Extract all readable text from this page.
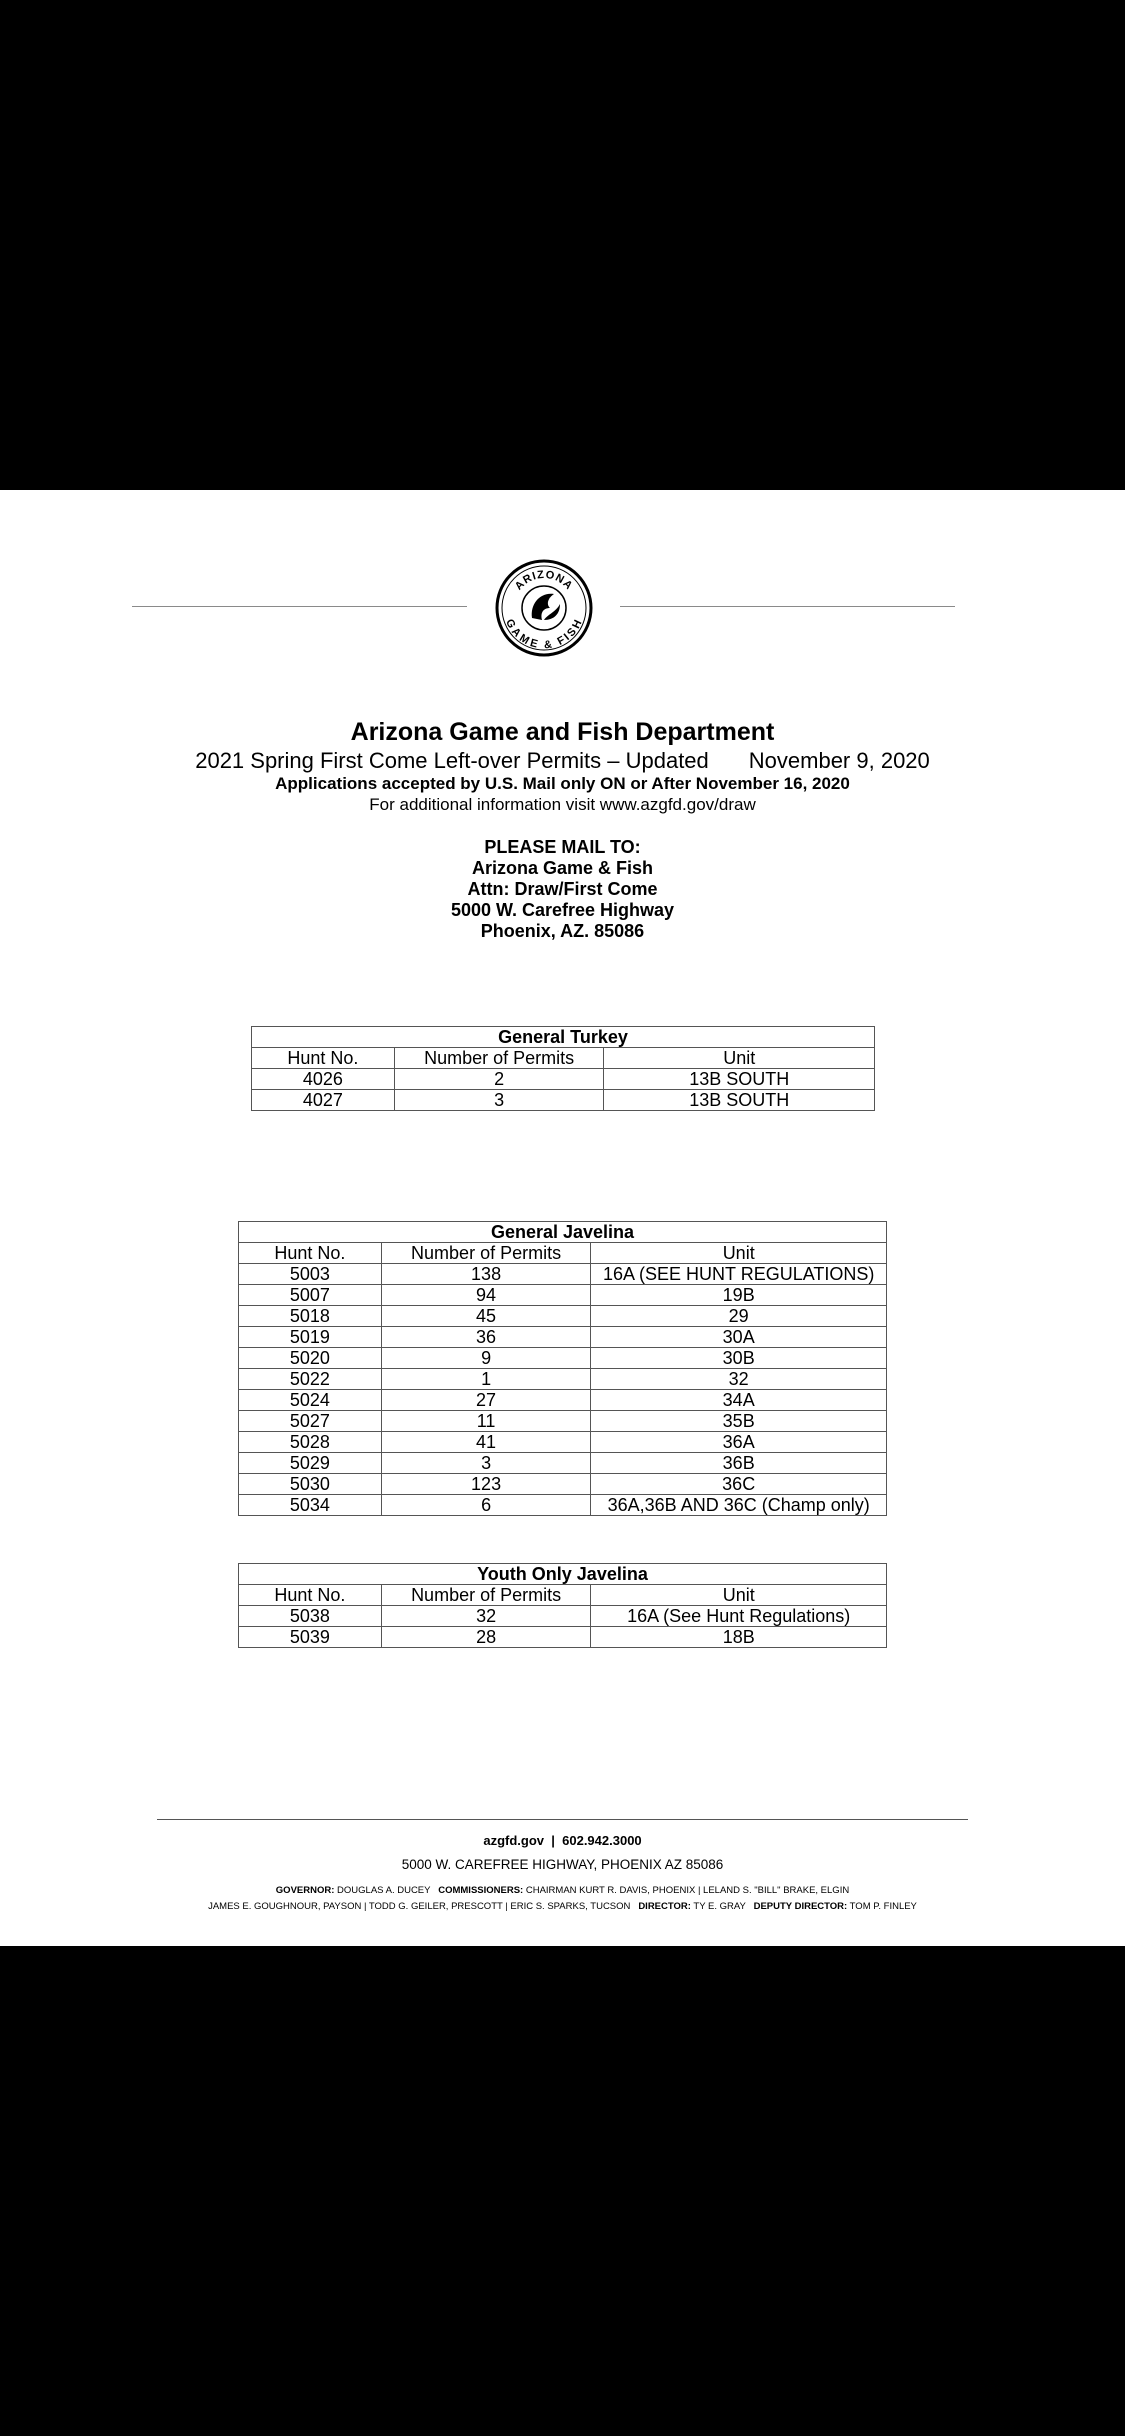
ARIZONA
GAME & FISH
Arizona Game and Fish Department
2021 Spring First Come Left-over Permits – Updated November 9, 2020
Applications accepted by U.S. Mail only ON or After November 16, 2020
For additional information visit www.azgfd.gov/draw
PLEASE MAIL TO:
Arizona Game & Fish
Attn: Draw/First Come
5000 W. Carefree Highway
Phoenix, AZ. 85086
General Turkey		
Hunt No.	Number of Permits	Unit
4026	2	13B SOUTH
4027	3	13B SOUTH
General Javelina		
Hunt No.	Number of Permits	Unit
5003	138	16A (SEE HUNT REGULATIONS)
5007	94	19B
5018	45	29
5019	36	30A
5020	9	30B
5022	1	32
5024	27	34A
5027	11	35B
5028	41	36A
5029	3	36B
5030	123	36C
5034	6	36A,36B AND 36C (Champ only)
Youth Only Javelina		
Hunt No.	Number of Permits	Unit
5038	32	16A (See Hunt Regulations)
5039	28	18B
azgfd.gov | 602.942.3000
5000 W. CAREFREE HIGHWAY, PHOENIX AZ 85086
GOVERNOR: DOUGLAS A. DUCEY COMMISSIONERS: CHAIRMAN KURT R. DAVIS, PHOENIX | LELAND S. "BILL" BRAKE, ELGIN
JAMES E. GOUGHNOUR, PAYSON | TODD G. GEILER, PRESCOTT | ERIC S. SPARKS, TUCSON DIRECTOR: TY E. GRAY DEPUTY DIRECTOR: TOM P. FINLEY
